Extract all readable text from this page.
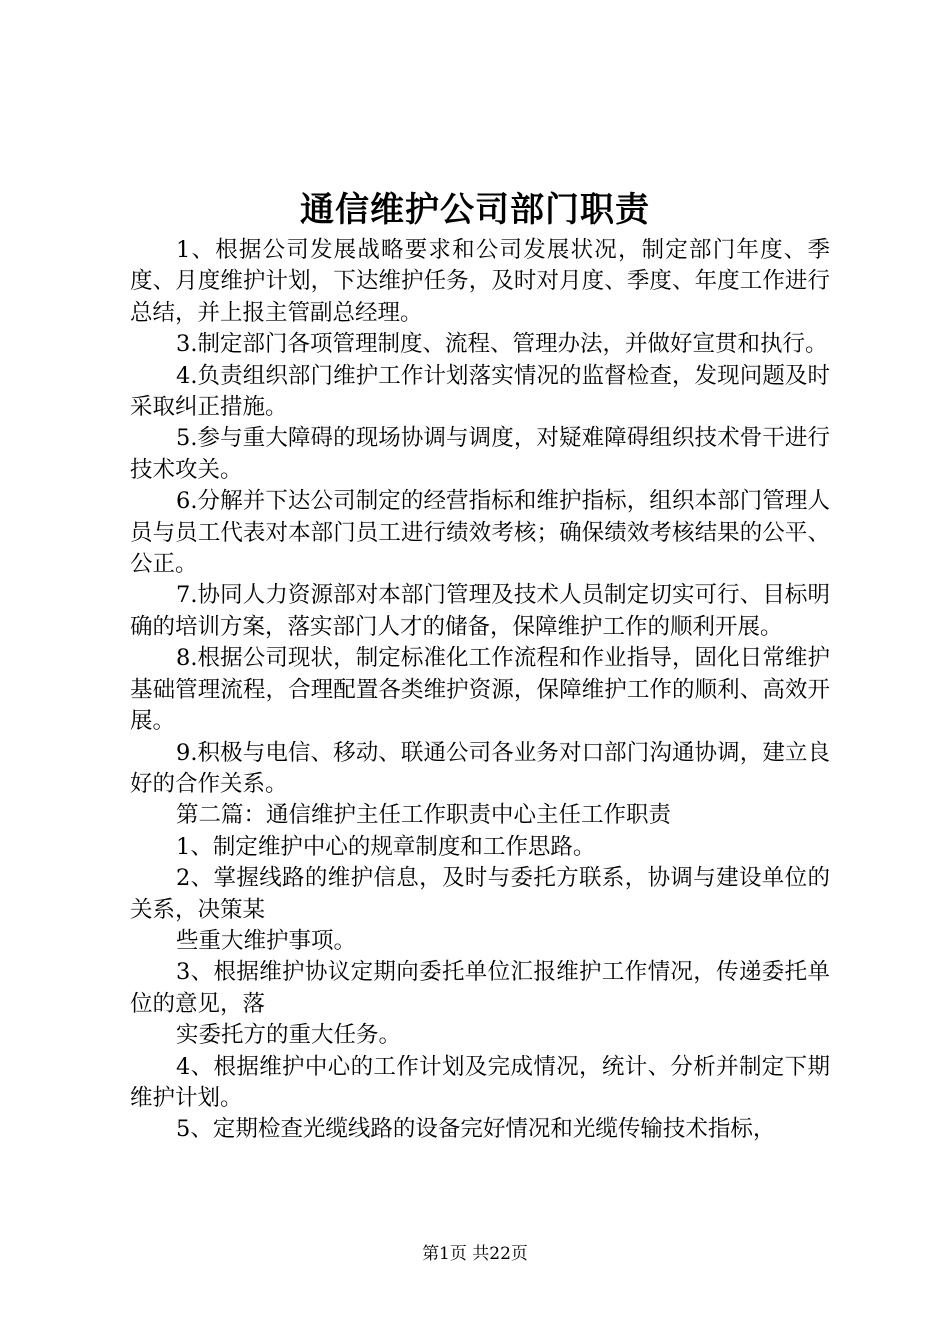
通信维护公司部门职责

1、根据公司发展战略要求和公司发展状况，制定部门年度、季度、月度维护计划，下达维护任务，及时对月度、季度、年度工作进行总结，并上报主管副总经理。

3.制定部门各项管理制度、流程、管理办法，并做好宣贯和执行。

4.负责组织部门维护工作计划落实情况的监督检查，发现问题及时采取纠正措施。

5.参与重大障碍的现场协调与调度，对疑难障碍组织技术骨干进行技术攻关。

6.分解并下达公司制定的经营指标和维护指标，组织本部门管理人员与员工代表对本部门员工进行绩效考核；确保绩效考核结果的公平、公正。

7.协同人力资源部对本部门管理及技术人员制定切实可行、目标明确的培训方案，落实部门人才的储备，保障维护工作的顺利开展。

8.根据公司现状，制定标准化工作流程和作业指导，固化日常维护基础管理流程，合理配置各类维护资源，保障维护工作的顺利、高效开展。

9.积极与电信、移动、联通公司各业务对口部门沟通协调，建立良好的合作关系。

第二篇：通信维护主任工作职责中心主任工作职责

1、制定维护中心的规章制度和工作思路。

2、掌握线路的维护信息，及时与委托方联系，协调与建设单位的关系，决策某

些重大维护事项。

3、根据维护协议定期向委托单位汇报维护工作情况，传递委托单位的意见，落

实委托方的重大任务。

4、根据维护中心的工作计划及完成情况，统计、分析并制定下期维护计划。

5、定期检查光缆线路的设备完好情况和光缆传输技术指标，

第1页 共22页
